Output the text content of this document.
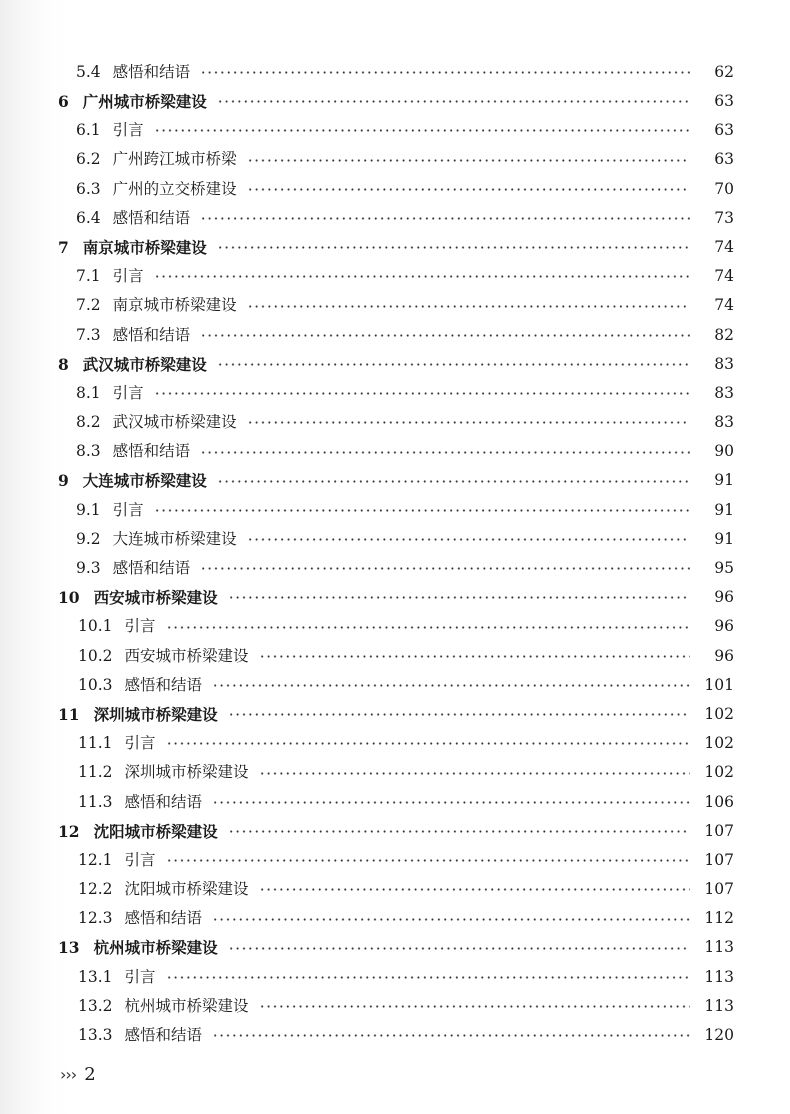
5.4 感悟和结语	62
6 广州城市桥梁建设	63
6.1 引言	63
6.2 广州跨江城市桥梁	63
6.3 广州的立交桥建设	70
6.4 感悟和结语	73
7 南京城市桥梁建设	74
7.1 引言	74
7.2 南京城市桥梁建设	74
7.3 感悟和结语	82
8 武汉城市桥梁建设	83
8.1 引言	83
8.2 武汉城市桥梁建设	83
8.3 感悟和结语	90
9 大连城市桥梁建设	91
9.1 引言	91
9.2 大连城市桥梁建设	91
9.3 感悟和结语	95
10 西安城市桥梁建设	96
10.1 引言	96
10.2 西安城市桥梁建设	96
10.3 感悟和结语	101
11 深圳城市桥梁建设	102
11.1 引言	102
11.2 深圳城市桥梁建设	102
11.3 感悟和结语	106
12 沈阳城市桥梁建设	107
12.1 引言	107
12.2 沈阳城市桥梁建设	107
12.3 感悟和结语	112
13 杭州城市桥梁建设	113
13.1 引言	113
13.2 杭州城市桥梁建设	113
13.3 感悟和结语	120
››› 2
